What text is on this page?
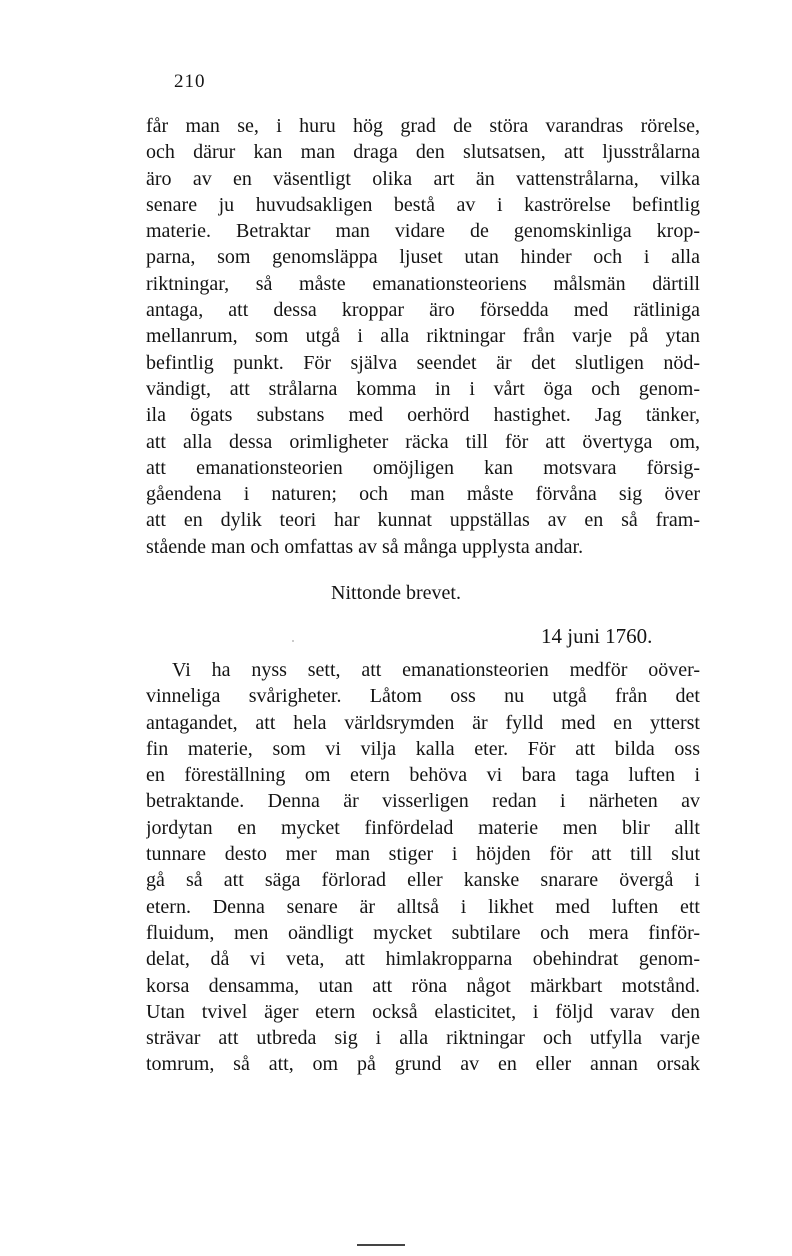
210
får man se, i huru hög grad de störa varandras rörelse,
och därur kan man draga den slutsatsen, att ljusstrålarna
äro av en väsentligt olika art än vattenstrålarna, vilka
senare ju huvudsakligen bestå av i kaströrelse befintlig
materie. Betraktar man vidare de genomskinliga krop-
parna, som genomsläppa ljuset utan hinder och i alla
riktningar, så måste emanationsteoriens målsmän därtill
antaga, att dessa kroppar äro försedda med rätliniga
mellanrum, som utgå i alla riktningar från varje på ytan
befintlig punkt. För själva seendet är det slutligen nöd-
vändigt, att strålarna komma in i vårt öga och genom-
ila ögats substans med oerhörd hastighet. Jag tänker,
att alla dessa orimligheter räcka till för att övertyga om,
att emanationsteorien omöjligen kan motsvara försig-
gåendena i naturen; och man måste förvåna sig över
att en dylik teori har kunnat uppställas av en så fram-
stående man och omfattas av så många upplysta andar.
Nittonde brevet.
14 juni 1760.
Vi ha nyss sett, att emanationsteorien medför oöver-
vinneliga svårigheter. Låtom oss nu utgå från det
antagandet, att hela världsrymden är fylld med en ytterst
fin materie, som vi vilja kalla eter. För att bilda oss
en föreställning om etern behöva vi bara taga luften i
betraktande. Denna är visserligen redan i närheten av
jordytan en mycket finfördelad materie men blir allt
tunnare desto mer man stiger i höjden för att till slut
gå så att säga förlorad eller kanske snarare övergå i
etern. Denna senare är alltså i likhet med luften ett
fluidum, men oändligt mycket subtilare och mera finför-
delat, då vi veta, att himlakropparna obehindrat genom-
korsa densamma, utan att röna något märkbart motstånd.
Utan tvivel äger etern också elasticitet, i följd varav den
strävar att utbreda sig i alla riktningar och utfylla varje
tomrum, så att, om på grund av en eller annan orsak
